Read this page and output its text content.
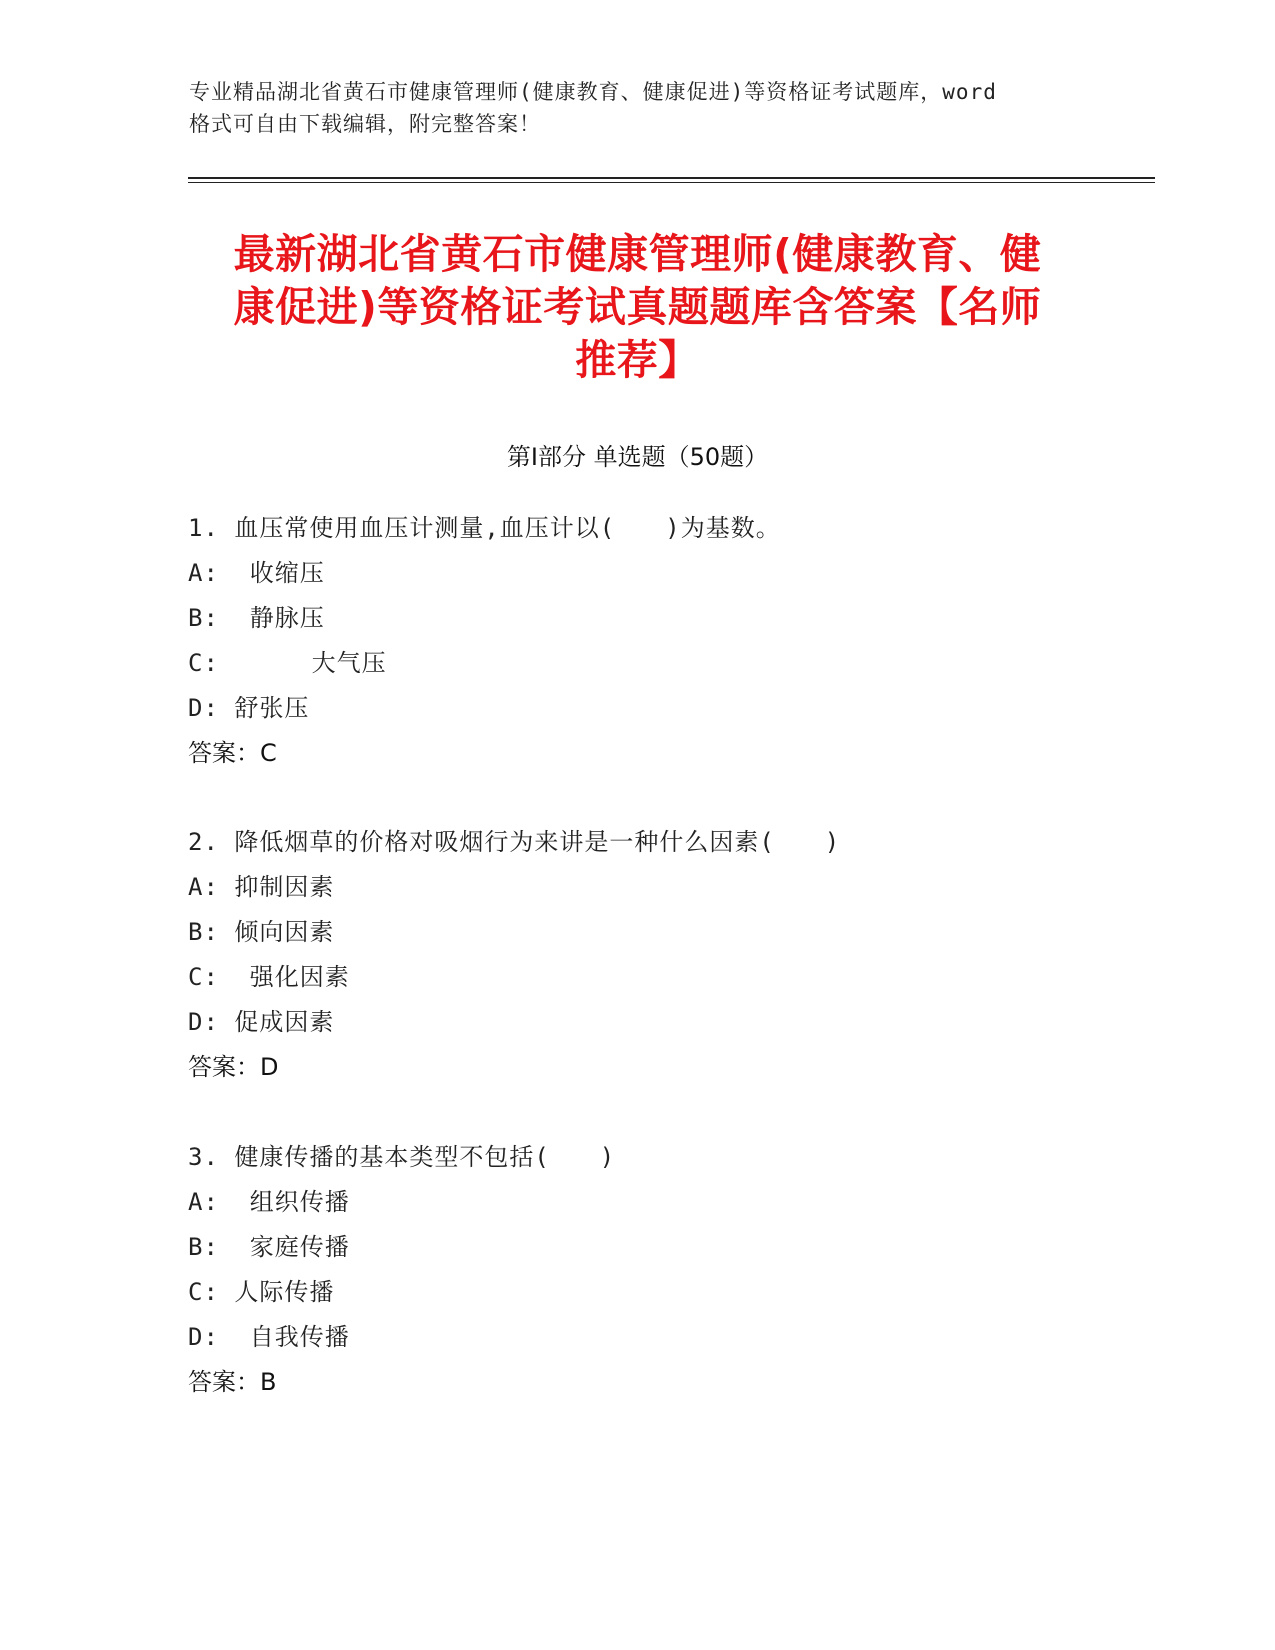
专业精品湖北省黄石市健康管理师(健康教育、健康促进)等资格证考试题库，word
格式可自由下载编辑，附完整答案！
最新湖北省黄石市健康管理师(健康教育、健
康促进)等资格证考试真题题库含答案【名师
推荐】
第Ⅰ部分 单选题（50题）
1. 血压常使用血压计测量,血压计以(　　)为基数。
A:  收缩压
B:  静脉压
C:      大气压
D: 舒张压
答案：C
2. 降低烟草的价格对吸烟行为来讲是一种什么因素(　　)
A: 抑制因素
B: 倾向因素
C:  强化因素
D: 促成因素
答案：D
3. 健康传播的基本类型不包括(　　)
A:  组织传播
B:  家庭传播
C: 人际传播
D:  自我传播
答案：B
